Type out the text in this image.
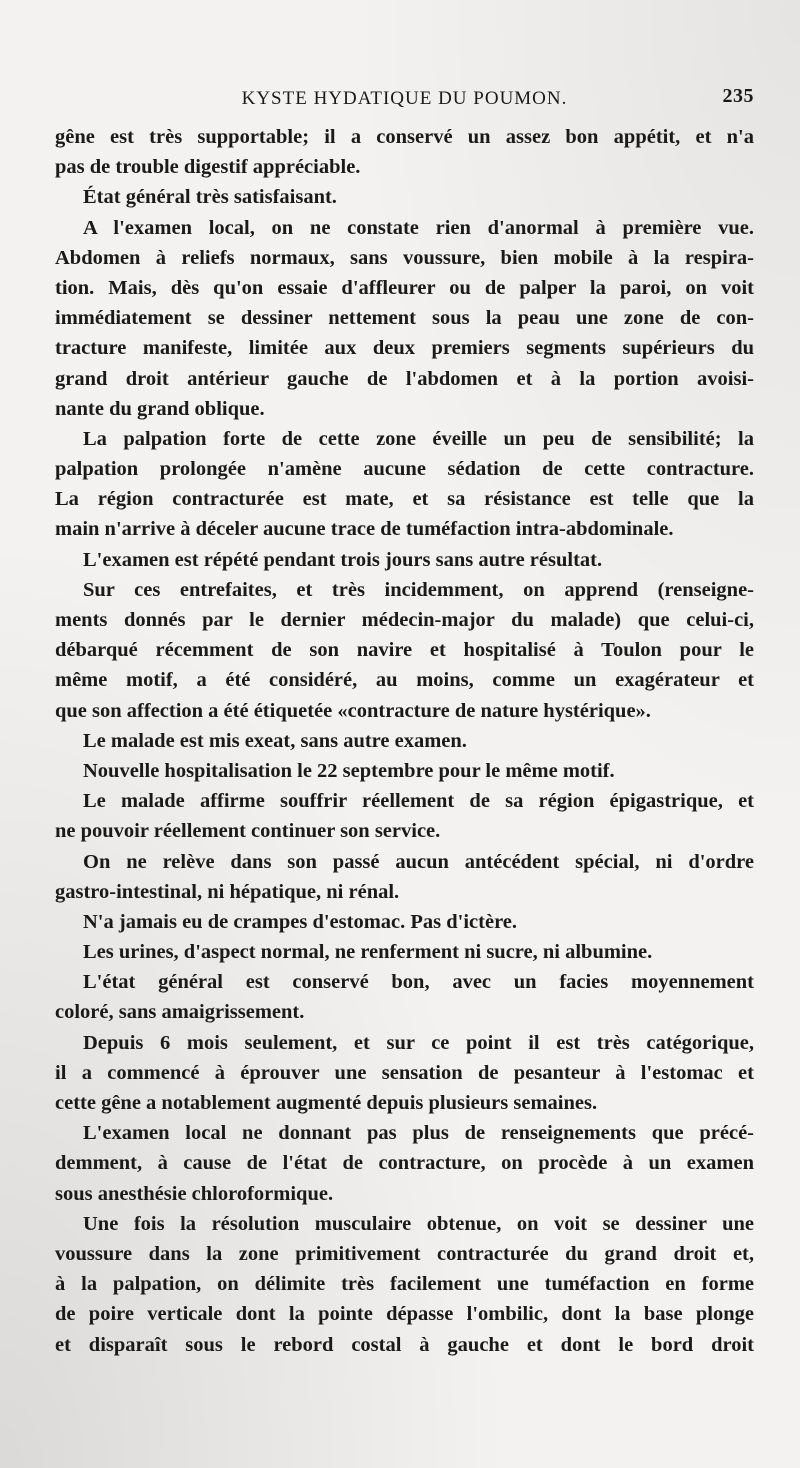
KYSTE HYDATIQUE DU POUMON.	235
gêne est très supportable; il a conservé un assez bon appétit, et n'a
pas de trouble digestif appréciable.
État général très satisfaisant.
A l'examen local, on ne constate rien d'anormal à première vue.
Abdomen à reliefs normaux, sans voussure, bien mobile à la respira-
tion. Mais, dès qu'on essaie d'affleurer ou de palper la paroi, on voit
immédiatement se dessiner nettement sous la peau une zone de con-
tracture manifeste, limitée aux deux premiers segments supérieurs du
grand droit antérieur gauche de l'abdomen et à la portion avoisi-
nante du grand oblique.
La palpation forte de cette zone éveille un peu de sensibilité; la
palpation prolongée n'amène aucune sédation de cette contracture.
La région contracturée est mate, et sa résistance est telle que la
main n'arrive à déceler aucune trace de tuméfaction intra-abdominale.
L'examen est répété pendant trois jours sans autre résultat.
Sur ces entrefaites, et très incidemment, on apprend (renseigne-
ments donnés par le dernier médecin-major du malade) que celui-ci,
débarqué récemment de son navire et hospitalisé à Toulon pour le
même motif, a été considéré, au moins, comme un exagérateur et
que son affection a été étiquetée «contracture de nature hystérique».
Le malade est mis exeat, sans autre examen.
Nouvelle hospitalisation le 22 septembre pour le même motif.
Le malade affirme souffrir réellement de sa région épigastrique, et
ne pouvoir réellement continuer son service.
On ne relève dans son passé aucun antécédent spécial, ni d'ordre
gastro-intestinal, ni hépatique, ni rénal.
N'a jamais eu de crampes d'estomac. Pas d'ictère.
Les urines, d'aspect normal, ne renferment ni sucre, ni albumine.
L'état général est conservé bon, avec un facies moyennement
coloré, sans amaigrissement.
Depuis 6 mois seulement, et sur ce point il est très catégorique,
il a commencé à éprouver une sensation de pesanteur à l'estomac et
cette gêne a notablement augmenté depuis plusieurs semaines.
L'examen local ne donnant pas plus de renseignements que précé-
demment, à cause de l'état de contracture, on procède à un examen
sous anesthésie chloroformique.
Une fois la résolution musculaire obtenue, on voit se dessiner une
voussure dans la zone primitivement contracturée du grand droit et,
à la palpation, on délimite très facilement une tuméfaction en forme
de poire verticale dont la pointe dépasse l'ombilic, dont la base plonge
et disparaît sous le rebord costal à gauche et dont le bord droit
